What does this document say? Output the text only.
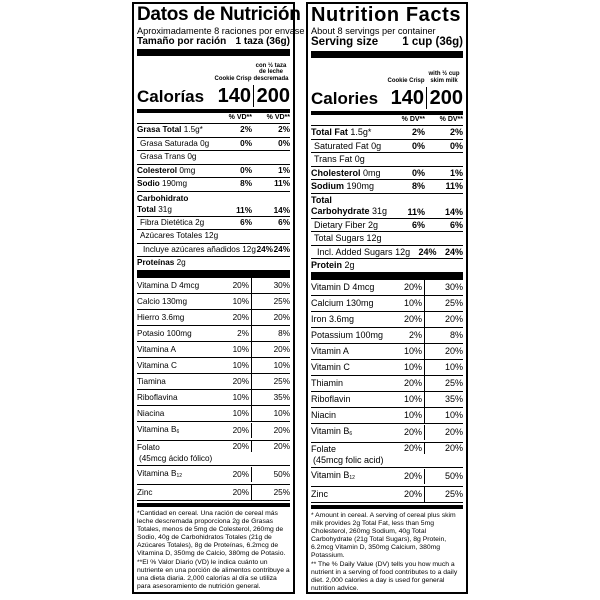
Datos de Nutrición
Aproximadamente 8 raciones por envase
Tamaño por ración 1 taza (36g)
Cookie Crisp
con ½ taza de leche descremada
Calorías 140 200
% VD**	% VD**
Grasa Total 1.5g*	2%	2%
Grasa Saturada 0g	0%	0%
Grasa Trans 0g
Colesterol 0mg	0%	1%
Sodio 190mg	8%	11%
Carbohidrato
Total 31g	11%	14%
Fibra Dietética 2g	6%	6%
Azúcares Totales 12g
Incluye azúcares añadidos 12g 24% 24%
Proteínas 2g
Vitamina D 4mcg	20%	30%
Calcio 130mg	10%	25%
Hierro 3.6mg	20%	20%
Potasio 100mg	2%	8%
Vitamina A	10%	20%
Vitamina C	10%	10%
Tiamina	20%	25%
Riboflavina	10%	35%
Niacina	10%	10%
Vitamina $B_6$	20%	20%
Folato
(45mcg ácido fólico)
20%	20%
Vitamina $B_{12}$	20%	50%
Zinc	20%	25%

*Cantidad en cereal. Una ración de cereal más leche descremada proporciona 2g de Grasas Totales, menos de 5mg de Colesterol, 260mg de Sodio, 40g de Carbohidratos Totales (21g de Azúcares Totales), 8g de Proteínas, 6.2mcg de Vitamina D, 350mg de Calcio, 380mg de Potasio.

**El % Valor Diario (VD) le indica cuánto un nutriente en una porción de alimentos contribuye a una dieta diaria. 2,000 calorías al día se utiliza para asesoramiento de nutrición general.

Nutrition Facts
About 8 servings per container
Serving size 1 cup (36g)
Cookie Crisp
with ½ cup skim milk
Calories 140 200
% DV**	% DV**
Total Fat 1.5g*	2%	2%
Saturated Fat 0g	0%	0%
Trans Fat 0g
Cholesterol 0mg	0%	1%
Sodium 190mg	8%	11%
Total
Carbohydrate 31g	11%	14%
Dietary Fiber 2g	6%	6%
Total Sugars 12g
Incl. Added Sugars 12g 24% 24%
Protein 2g
Vitamin D 4mcg	20%	30%
Calcium 130mg	10%	25%
Iron 3.6mg	20%	20%
Potassium 100mg	2%	8%
Vitamin A	10%	20%
Vitamin C	10%	10%
Thiamin	20%	25%
Riboflavin	10%	35%
Niacin	10%	10%
Vitamin $B_6$	20%	20%
Folate
(45mcg folic acid)
20%	20%
Vitamin $B_{12}$	20%	50%
Zinc	20%	25%

* Amount in cereal. A serving of cereal plus skim milk provides 2g Total Fat, less than 5mg Cholesterol, 260mg Sodium, 40g Total Carbohydrate (21g Total Sugars), 8g Protein, 6.2mcg Vitamin D, 350mg Calcium, 380mg Potassium.

** The % Daily Value (DV) tells you how much a nutrient in a serving of food contributes to a daily diet. 2,000 calories a day is used for general nutrition advice.
